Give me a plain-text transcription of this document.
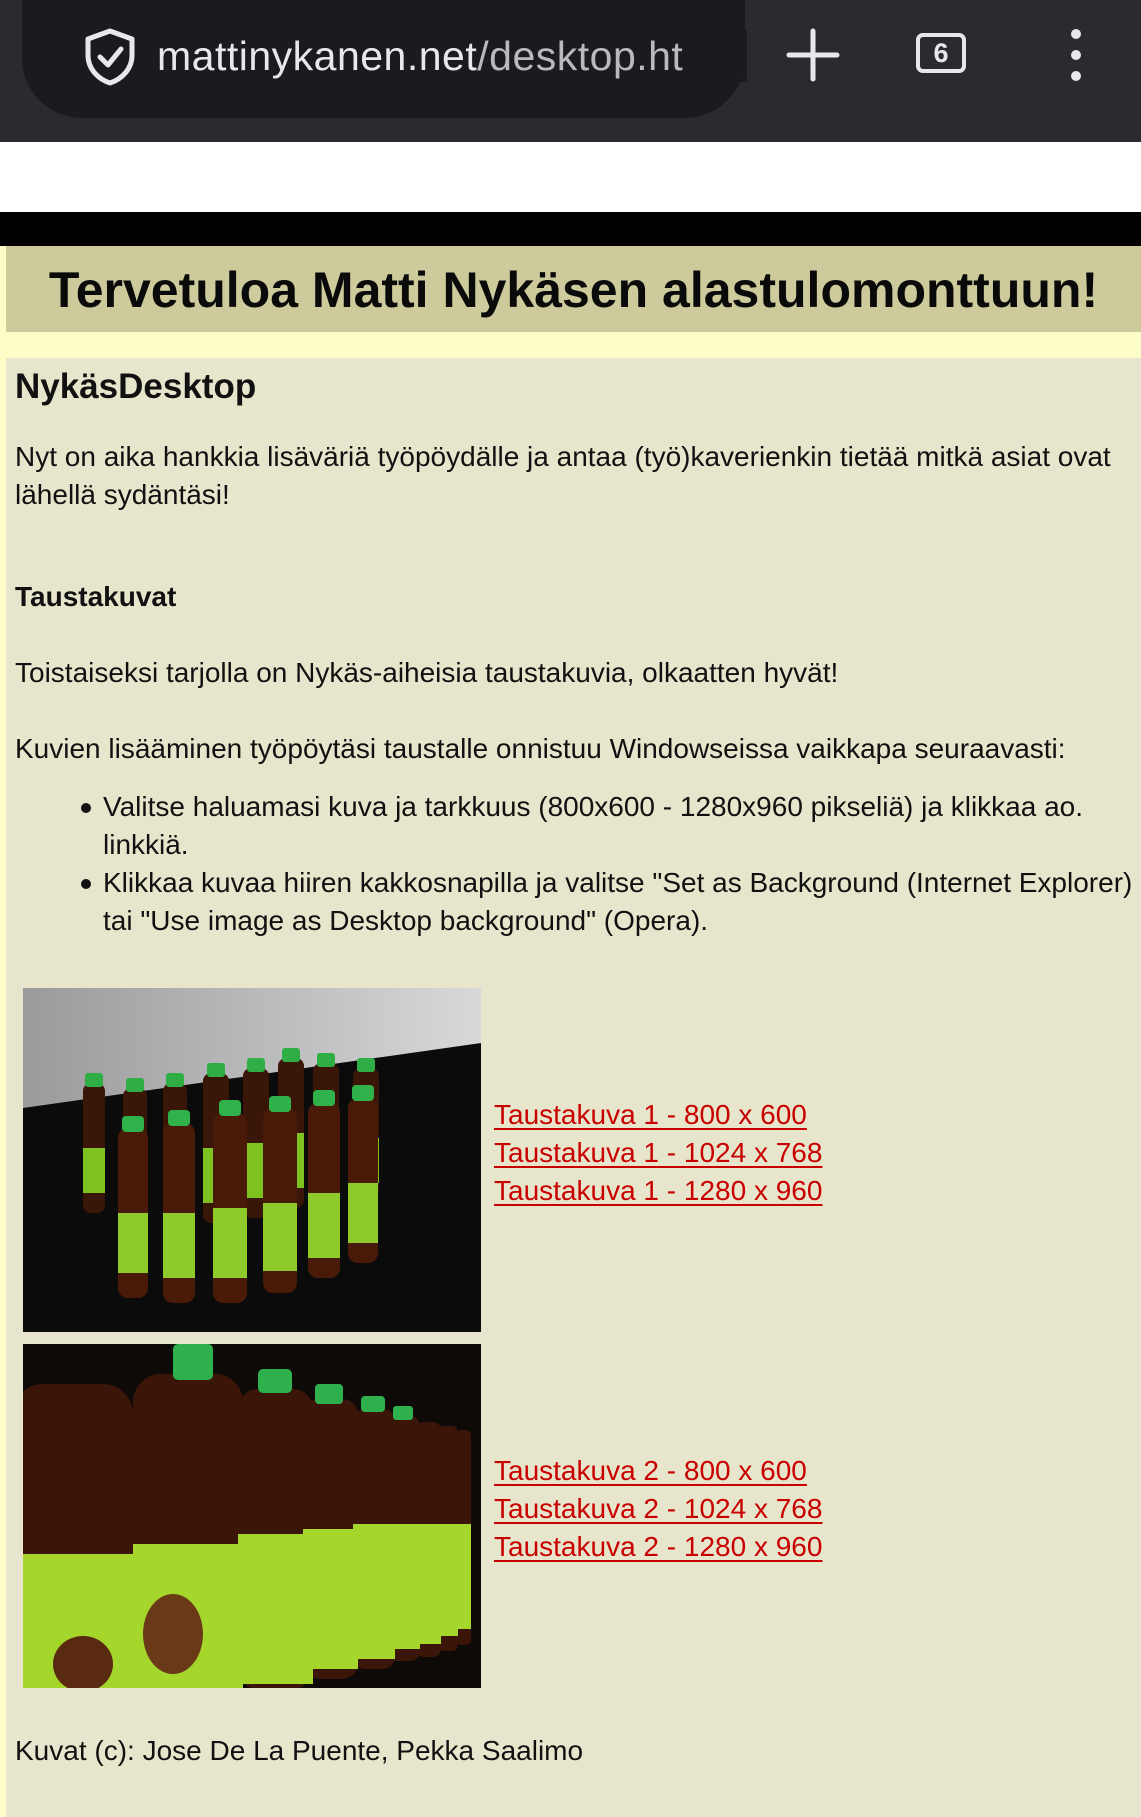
mattinykanen.net/desktop.ht	6
Tervetuloa Matti Nykäsen alastulomonttuun!
NykäsDesktop
Nyt on aika hankkia lisäväriä työpöydälle ja antaa (työ)kaverienkin tietää mitkä asiat ovat lähellä sydäntäsi!
Taustakuvat
Toistaiseksi tarjolla on Nykäs-aiheisia taustakuvia, olkaatten hyvät!
Kuvien lisääminen työpöytäsi taustalle onnistuu Windowseissa vaikkapa seuraavasti:
Valitse haluamasi kuva ja tarkkuus (800x600 - 1280x960 pikseliä) ja klikkaa ao. linkkiä.
Klikkaa kuvaa hiiren kakkosnapilla ja valitse "Set as Background (Internet Explorer) tai "Use image as Desktop background" (Opera).
Taustakuva 1 - 800 x 600
Taustakuva 1 - 1024 x 768
Taustakuva 1 - 1280 x 960
Taustakuva 2 - 800 x 600
Taustakuva 2 - 1024 x 768
Taustakuva 2 - 1280 x 960
Kuvat (c): Jose De La Puente, Pekka Saalimo
